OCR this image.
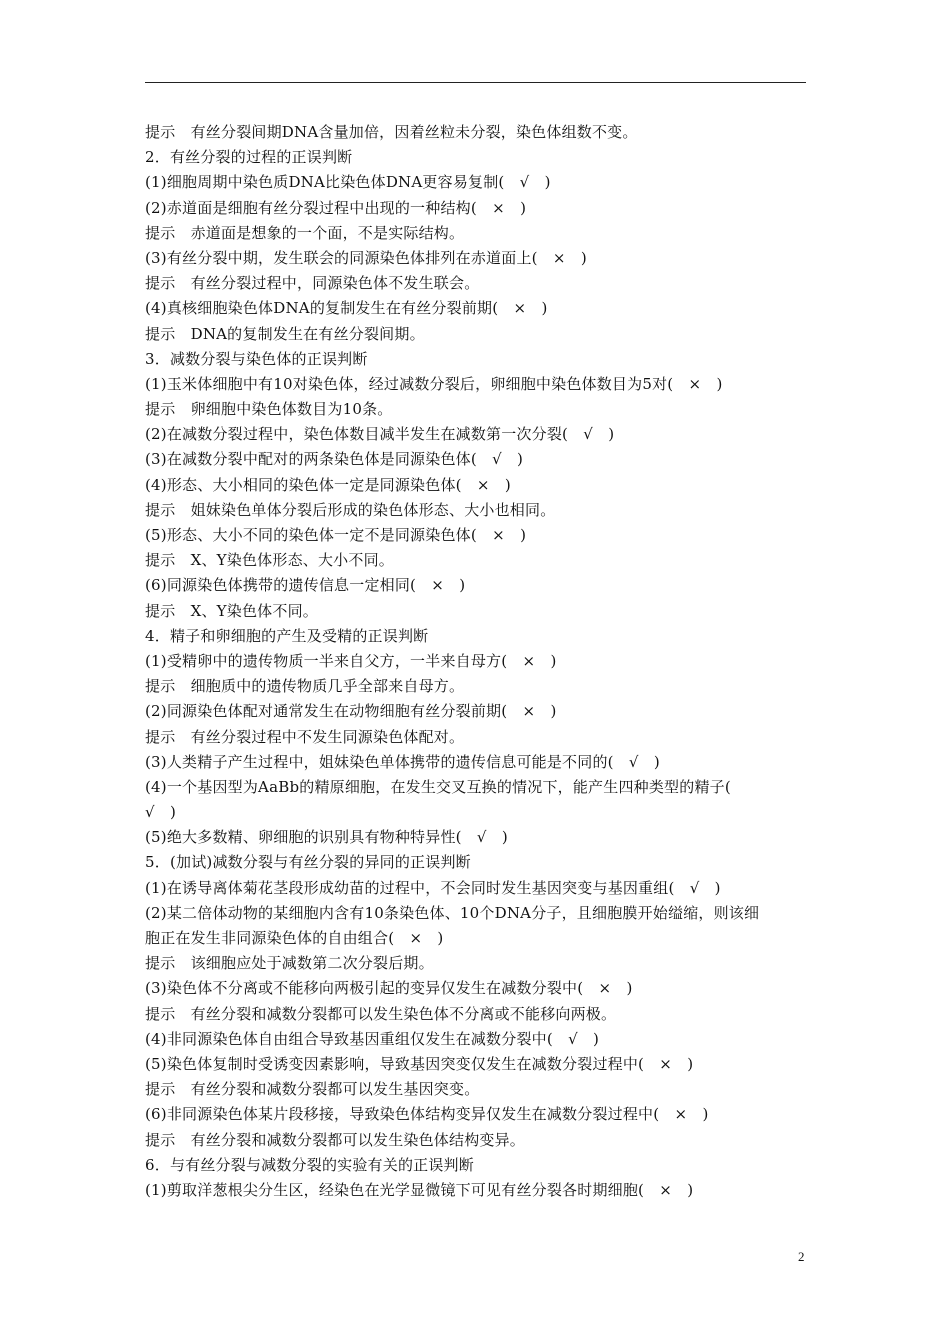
提示　有丝分裂间期DNA含量加倍，因着丝粒未分裂，染色体组数不变。
2．有丝分裂的过程的正误判断
(1)细胞周期中染色质DNA比染色体DNA更容易复制(　√　)
(2)赤道面是细胞有丝分裂过程中出现的一种结构(　×　)
提示　赤道面是想象的一个面，不是实际结构。
(3)有丝分裂中期，发生联会的同源染色体排列在赤道面上(　×　)
提示　有丝分裂过程中，同源染色体不发生联会。
(4)真核细胞染色体DNA的复制发生在有丝分裂前期(　×　)
提示　DNA的复制发生在有丝分裂间期。
3．减数分裂与染色体的正误判断
(1)玉米体细胞中有10对染色体，经过减数分裂后，卵细胞中染色体数目为5对(　×　)
提示　卵细胞中染色体数目为10条。
(2)在减数分裂过程中，染色体数目减半发生在减数第一次分裂(　√　)
(3)在减数分裂中配对的两条染色体是同源染色体(　√　)
(4)形态、大小相同的染色体一定是同源染色体(　×　)
提示　姐妹染色单体分裂后形成的染色体形态、大小也相同。
(5)形态、大小不同的染色体一定不是同源染色体(　×　)
提示　X、Y染色体形态、大小不同。
(6)同源染色体携带的遗传信息一定相同(　×　)
提示　X、Y染色体不同。
4．精子和卵细胞的产生及受精的正误判断
(1)受精卵中的遗传物质一半来自父方，一半来自母方(　×　)
提示　细胞质中的遗传物质几乎全部来自母方。
(2)同源染色体配对通常发生在动物细胞有丝分裂前期(　×　)
提示　有丝分裂过程中不发生同源染色体配对。
(3)人类精子产生过程中，姐妹染色单体携带的遗传信息可能是不同的(　√　)
(4)一个基因型为AaBb的精原细胞，在发生交叉互换的情况下，能产生四种类型的精子(
√　)
(5)绝大多数精、卵细胞的识别具有物种特异性(　√　)
5．(加试)减数分裂与有丝分裂的异同的正误判断
(1)在诱导离体菊花茎段形成幼苗的过程中，不会同时发生基因突变与基因重组(　√　)
(2)某二倍体动物的某细胞内含有10条染色体、10个DNA分子，且细胞膜开始缢缩，则该细
胞正在发生非同源染色体的自由组合(　×　)
提示　该细胞应处于减数第二次分裂后期。
(3)染色体不分离或不能移向两极引起的变异仅发生在减数分裂中(　×　)
提示　有丝分裂和减数分裂都可以发生染色体不分离或不能移向两极。
(4)非同源染色体自由组合导致基因重组仅发生在减数分裂中(　√　)
(5)染色体复制时受诱变因素影响，导致基因突变仅发生在减数分裂过程中(　×　)
提示　有丝分裂和减数分裂都可以发生基因突变。
(6)非同源染色体某片段移接，导致染色体结构变异仅发生在减数分裂过程中(　×　)
提示　有丝分裂和减数分裂都可以发生染色体结构变异。
6．与有丝分裂与减数分裂的实验有关的正误判断
(1)剪取洋葱根尖分生区，经染色在光学显微镜下可见有丝分裂各时期细胞(　×　)
2
